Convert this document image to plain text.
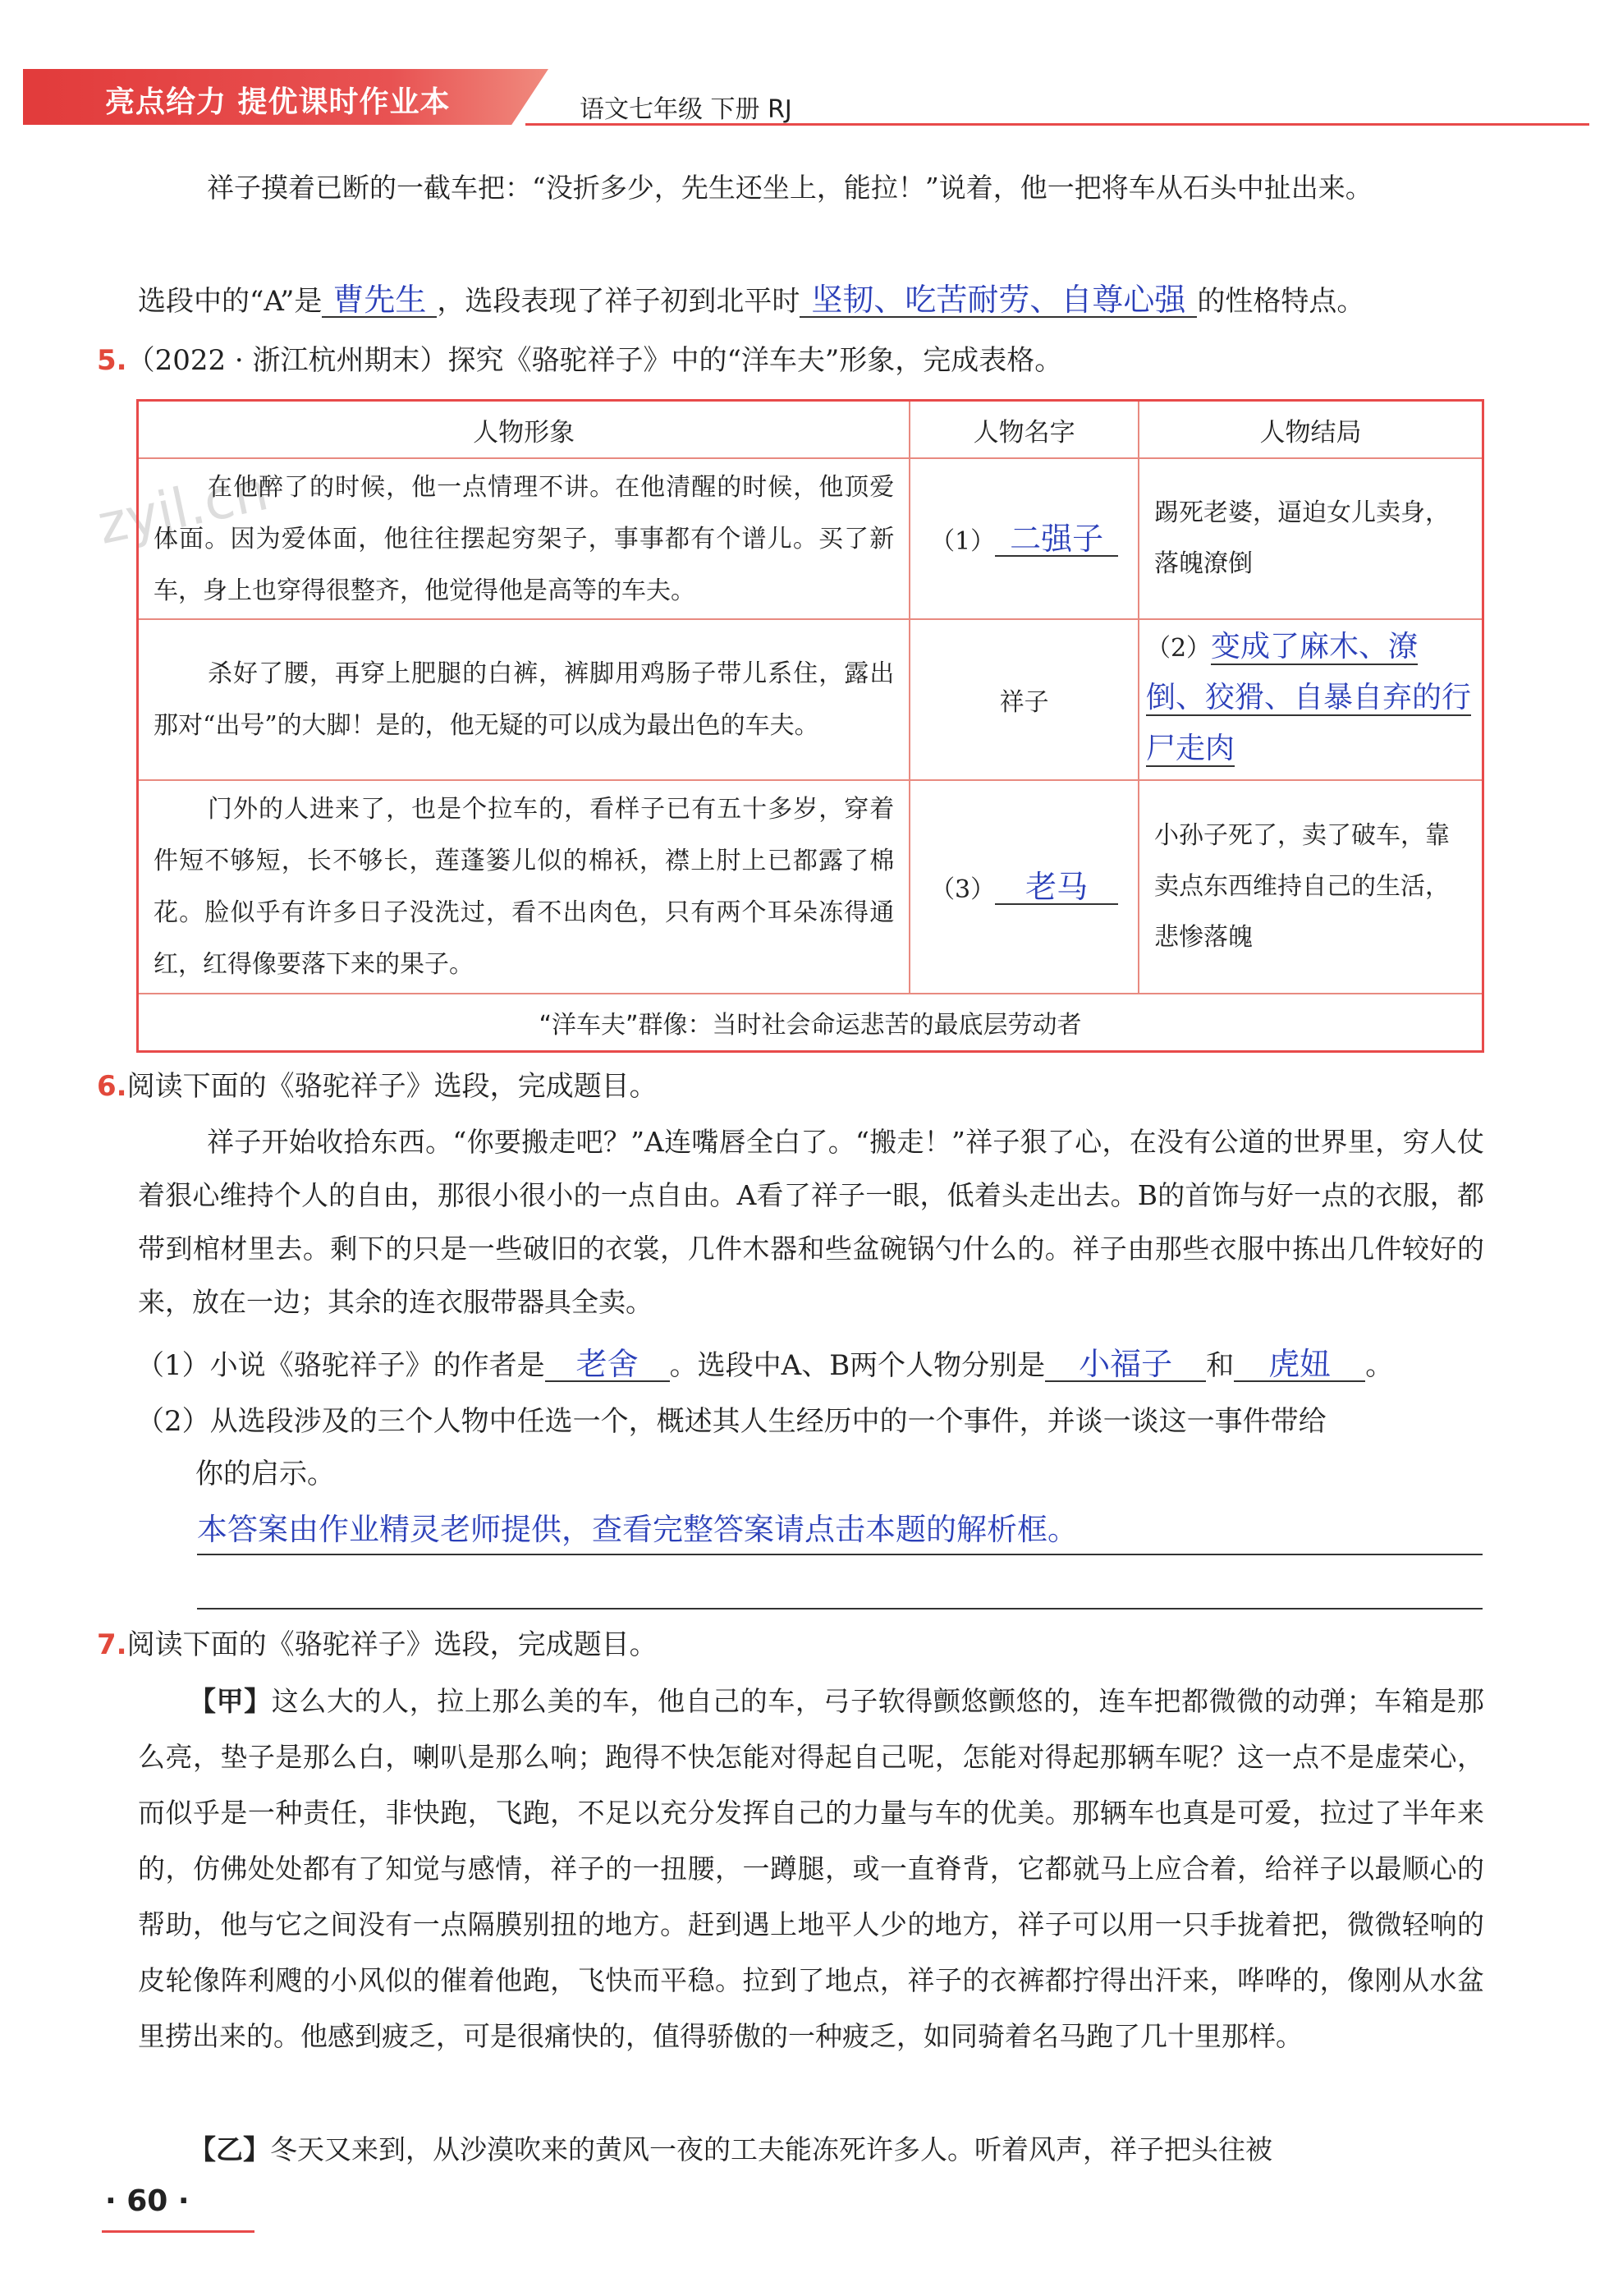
亮点给力 提优课时作业本	语文七年级 下册 RJ
祥子摸着已断的一截车把：“没折多少，先生还坐上，能拉！”说着，他一把将车从石头中扯出来。
选段中的“A”是 曹先生 ，选段表现了祥子初到北平时 坚韧、吃苦耐劳、自尊心强 的性格特点。
5.（2022 · 浙江杭州期末）探究《骆驼祥子》中的“洋车夫”形象，完成表格。
zyjl.cn
人物形象	人物名字	人物结局
在他醉了的时候，他一点情理不讲。在他清醒的时候，他顶爱体面。因为爱体面，他往往摆起穷架子，事事都有个谱儿。买了新车，身上也穿得很整齐，他觉得他是高等的车夫。	（1） 二强子	踢死老婆，逼迫女儿卖身，落魄潦倒
杀好了腰，再穿上肥腿的白裤，裤脚用鸡肠子带儿系住，露出那对“出号”的大脚！是的，他无疑的可以成为最出色的车夫。	祥子	（2）变成了麻木、潦倒、狡猾、自暴自弃的行尸走肉
门外的人进来了，也是个拉车的，看样子已有五十多岁，穿着件短不够短，长不够长，莲蓬篓儿似的棉袄，襟上肘上已都露了棉花。脸似乎有许多日子没洗过，看不出肉色，只有两个耳朵冻得通红，红得像要落下来的果子。	（3） 老马	小孙子死了，卖了破车，靠卖点东西维持自己的生活，悲惨落魄
“洋车夫”群像：当时社会命运悲苦的最底层劳动者		
6.阅读下面的《骆驼祥子》选段，完成题目。
祥子开始收拾东西。“你要搬走吧？”A连嘴唇全白了。“搬走！”祥子狠了心，在没有公道的世界里，穷人仗着狠心维持个人的自由，那很小很小的一点自由。A看了祥子一眼，低着头走出去。B的首饰与好一点的衣服，都带到棺材里去。剩下的只是一些破旧的衣裳，几件木器和些盆碗锅勺什么的。祥子由那些衣服中拣出几件较好的来，放在一边；其余的连衣服带器具全卖。
（1）小说《骆驼祥子》的作者是 老舍 。选段中A、B两个人物分别是 小福子 和 虎妞 。
（2）从选段涉及的三个人物中任选一个，概述其人生经历中的一个事件，并谈一谈这一事件带给
你的启示。
本答案由作业精灵老师提供，查看完整答案请点击本题的解析框。
7.阅读下面的《骆驼祥子》选段，完成题目。
【甲】这么大的人，拉上那么美的车，他自己的车，弓子软得颤悠颤悠的，连车把都微微的动弹；车箱是那么亮，垫子是那么白，喇叭是那么响；跑得不快怎能对得起自己呢，怎能对得起那辆车呢？这一点不是虚荣心，而似乎是一种责任，非快跑，飞跑，不足以充分发挥自己的力量与车的优美。那辆车也真是可爱，拉过了半年来的，仿佛处处都有了知觉与感情，祥子的一扭腰，一蹲腿，或一直脊背，它都就马上应合着，给祥子以最顺心的帮助，他与它之间没有一点隔膜别扭的地方。赶到遇上地平人少的地方，祥子可以用一只手拢着把，微微轻响的皮轮像阵利飕的小风似的催着他跑，飞快而平稳。拉到了地点，祥子的衣裤都拧得出汗来，哗哗的，像刚从水盆里捞出来的。他感到疲乏，可是很痛快的，值得骄傲的一种疲乏，如同骑着名马跑了几十里那样。
【乙】冬天又来到，从沙漠吹来的黄风一夜的工夫能冻死许多人。听着风声，祥子把头往被
· 60 ·
